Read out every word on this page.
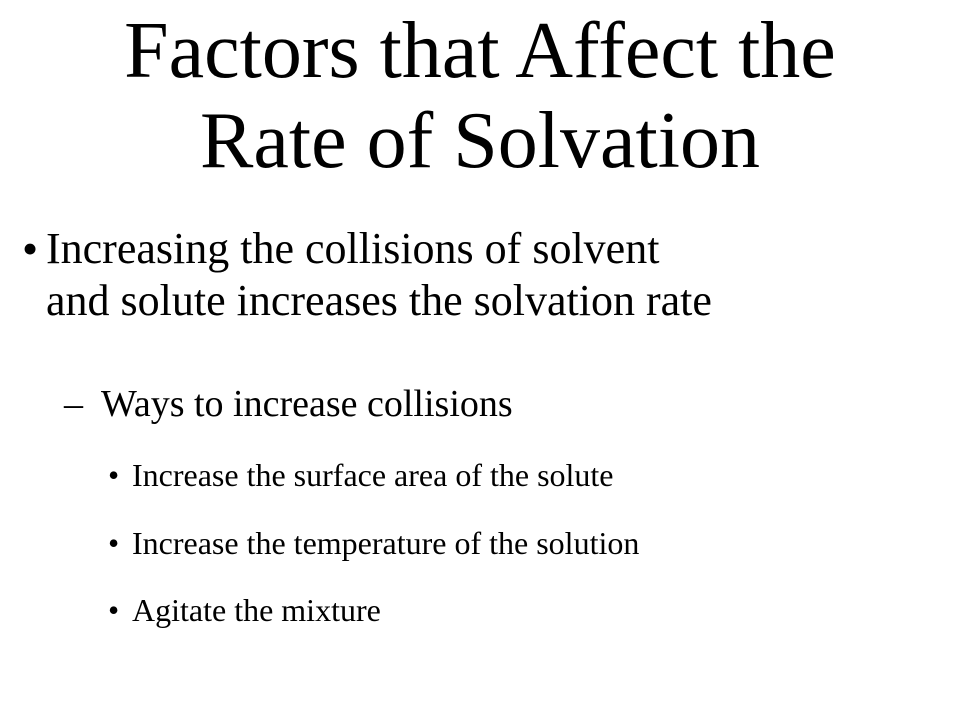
Factors that Affect the
Rate of Solvation
• Increasing the collisions of solvent
and solute increases the solvation rate
– Ways to increase collisions
• Increase the surface area of the solute
• Increase the temperature of the solution
• Agitate the mixture
